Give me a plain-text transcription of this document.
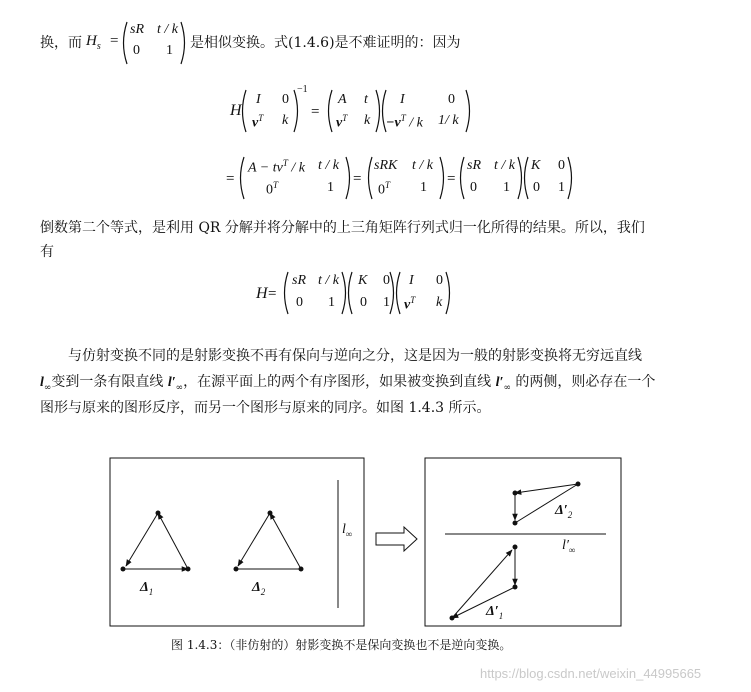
换，而 $H_s$ =
sR t / k
0 1 是相似变换。式(1.4.6)是不难证明的：因为
H	=
I 0
$v^T$ k
−1
A t
$v^T$ k
I	0
$-v^T / k$ 1/ k
=	=	=
$A - tv^T / k$ t / k
$0^T$	1
sRK t / k
$0^T$ 1
sR t / k
0 1
K 0
0 1
倒数第二个等式，是利用 QR 分解并将分解中的上三角矩阵行列式归一化所得的结果。所以，我们
有
H =
sR t / k
0 1
K 0
0 1
I 0
$v^T$ k
与仿射变换不同的是射影变换不再有保向与逆向之分，这是因为一般的射影变换将无穷远直线
$l_\infty$变到一条有限直线 $l'_\infty$，在源平面上的两个有序图形，如果被变换到直线 $l'_\infty$ 的两侧，则必存在一个
图形与原来的图形反序，而另一个图形与原来的同序。如图 1.4.3 所示。
$\Delta_1$	$\Delta_2$
$l_\infty$
$\Delta'_2$
$\Delta'_1$
$l'_\infty$
图 1.4.3：（非仿射的）射影变换不是保向变换也不是逆向变换。
https://blog.csdn.net/weixin_44995665
